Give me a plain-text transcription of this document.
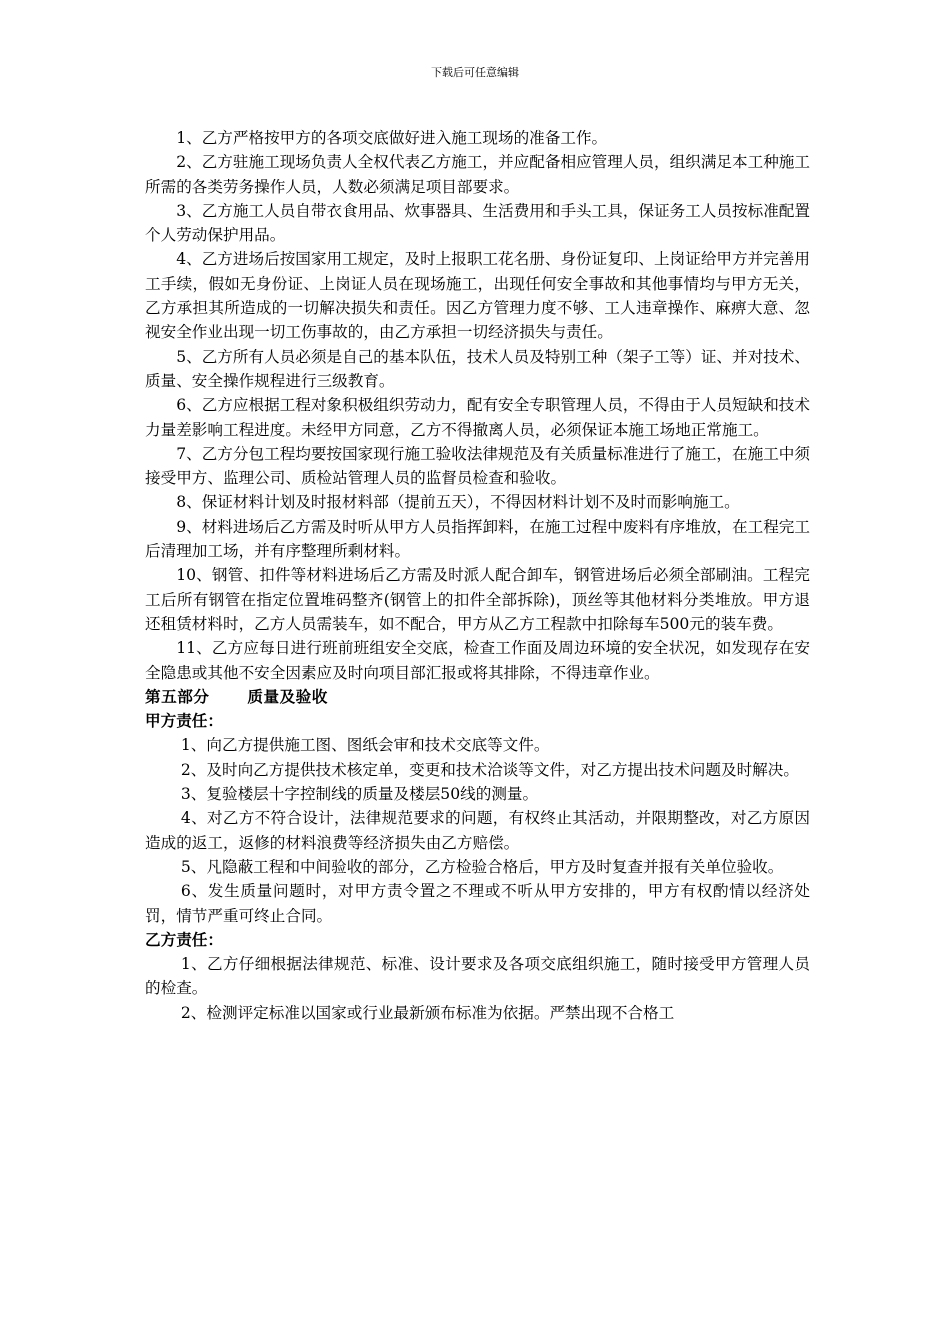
下载后可任意编辑

1、乙方严格按甲方的各项交底做好进入施工现场的准备工作。

2、乙方驻施工现场负责人全权代表乙方施工，并应配备相应管理人员，组织满足本工种施工所需的各类劳务操作人员，人数必须满足项目部要求。

3、乙方施工人员自带衣食用品、炊事器具、生活费用和手头工具，保证务工人员按标准配置个人劳动保护用品。

4、乙方进场后按国家用工规定，及时上报职工花名册、身份证复印、上岗证给甲方并完善用工手续，假如无身份证、上岗证人员在现场施工，出现任何安全事故和其他事情均与甲方无关，乙方承担其所造成的一切解决损失和责任。因乙方管理力度不够、工人违章操作、麻痹大意、忽视安全作业出现一切工伤事故的，由乙方承担一切经济损失与责任。

5、乙方所有人员必须是自己的基本队伍，技术人员及特别工种（架子工等）证、并对技术、质量、安全操作规程进行三级教育。

6、乙方应根据工程对象积极组织劳动力，配有安全专职管理人员，不得由于人员短缺和技术力量差影响工程进度。未经甲方同意，乙方不得撤离人员，必须保证本施工场地正常施工。

7、乙方分包工程均要按国家现行施工验收法律规范及有关质量标准进行了施工，在施工中须接受甲方、监理公司、质检站管理人员的监督员检查和验收。

8、保证材料计划及时报材料部（提前五天），不得因材料计划不及时而影响施工。

9、材料进场后乙方需及时听从甲方人员指挥卸料，在施工过程中废料有序堆放，在工程完工后清理加工场，并有序整理所剩材料。

10、钢管、扣件等材料进场后乙方需及时派人配合卸车，钢管进场后必须全部刷油。工程完工后所有钢管在指定位置堆码整齐(钢管上的扣件全部拆除)，顶丝等其他材料分类堆放。甲方退还租赁材料时，乙方人员需装车，如不配合，甲方从乙方工程款中扣除每车500元的装车费。

11、乙方应每日进行班前班组安全交底，检查工作面及周边环境的安全状况，如发现存在安全隐患或其他不安全因素应及时向项目部汇报或将其排除，不得违章作业。

第五部分 质量及验收

甲方责任：

1、向乙方提供施工图、图纸会审和技术交底等文件。

2、及时向乙方提供技术核定单，变更和技术洽谈等文件，对乙方提出技术问题及时解决。

3、复验楼层十字控制线的质量及楼层50线的测量。

4、对乙方不符合设计，法律规范要求的问题，有权终止其活动，并限期整改，对乙方原因造成的返工，返修的材料浪费等经济损失由乙方赔偿。

5、凡隐蔽工程和中间验收的部分，乙方检验合格后，甲方及时复查并报有关单位验收。

6、发生质量问题时，对甲方责令置之不理或不听从甲方安排的，甲方有权酌情以经济处罚，情节严重可终止合同。

乙方责任：

1、乙方仔细根据法律规范、标准、设计要求及各项交底组织施工，随时接受甲方管理人员的检查。

2、检测评定标准以国家或行业最新颁布标准为依据。严禁出现不合格工
